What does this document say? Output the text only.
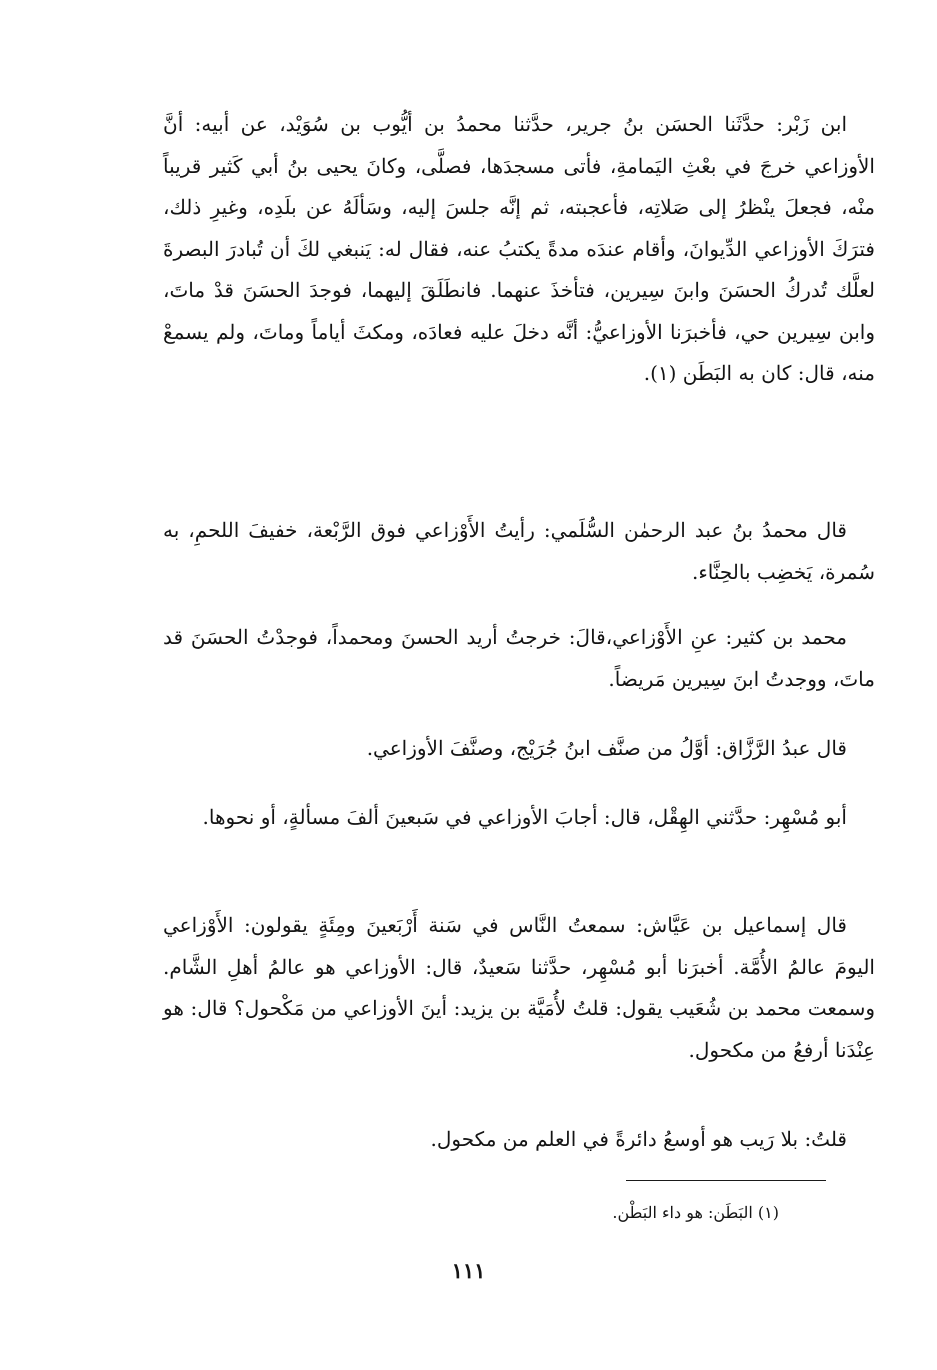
ابن زَبْر: حدَّثَنا الحسَن بنُ جرير، حدَّثنا محمدُ بن أيُّوب بن سُوَيْد، عن أبيه: أنَّ الأوزاعي خرجَ في بعْثِ اليَمامةِ، فأتى مسجدَها، فصلَّى، وكانَ يحيى بنُ أبي كَثير قريباً منْه، فجعلَ ينْظرُ إلى صَلاتِه، فأعجبته، ثم إنَّه جلسَ إليه، وسَألَهُ عن بلَدِه، وغيرِ ذلك، فترَكَ الأوزاعي الدِّيوانَ، وأقام عندَه مدةً يكتبُ عنه، فقال له: يَنبغي لكَ أن تُبادرَ البصرةَ لعلَّك تُدركُ الحسَنَ وابنَ سِيرين، فتأخذَ عنهما. فانطَلَقَ إليهما، فوجدَ الحسَنَ قدْ ماتَ، وابن سِيرين حي، فأخبرَنا الأوزاعيُّ: أنَّه دخلَ عليه فعادَه، ومكثَ أياماً وماتَ، ولم يسمعْ منه، قال: كان به البَطَن (١).

قال محمدُ بنُ عبد الرحمٰن السُّلَمي: رأيتُ الأَوْزاعي فوق الرَّبْعة، خفيفَ اللحمِ، به سُمرة، يَخضِب بالحِنَّاء.

محمد بن كثير: عنِ الأَوْزاعي،قالَ: خرجتُ أريد الحسنَ ومحمداً، فوجدْتُ الحسَنَ قد ماتَ، ووجدتُ ابنَ سِيرين مَريضاً.

قال عبدُ الرَّزَّاق: أوَّلُ من صنَّف ابنُ جُرَيْج، وصنَّفَ الأوزاعي.

أبو مُسْهِر: حدَّثني الهِقْل، قال: أجابَ الأوزاعي في سَبعينَ ألفَ مسألةٍ، أو نحوها.

قال إسماعيل بن عَيَّاش: سمعتُ النَّاس في سَنة أَرْبَعينَ ومِئَةٍ يقولون: الأَوْزاعي اليومَ عالمُ الأُمَّة. أخبرَنا أبو مُسْهِر، حدَّثنا سَعيدٌ، قال: الأوزاعي هو عالمُ أهلِ الشَّام. وسمعت محمد بن شُعَيب يقول: قلتُ لأُمَيَّة بن يزيد: أينَ الأوزاعي من مَكْحول؟ قال: هو عِنْدَنا أرفعُ من مكحول.

قلتُ: بلا رَيب هو أوسعُ دائرةً في العلم من مكحول.

(١) البَطَن: هو داء البَطْن.
١١١
